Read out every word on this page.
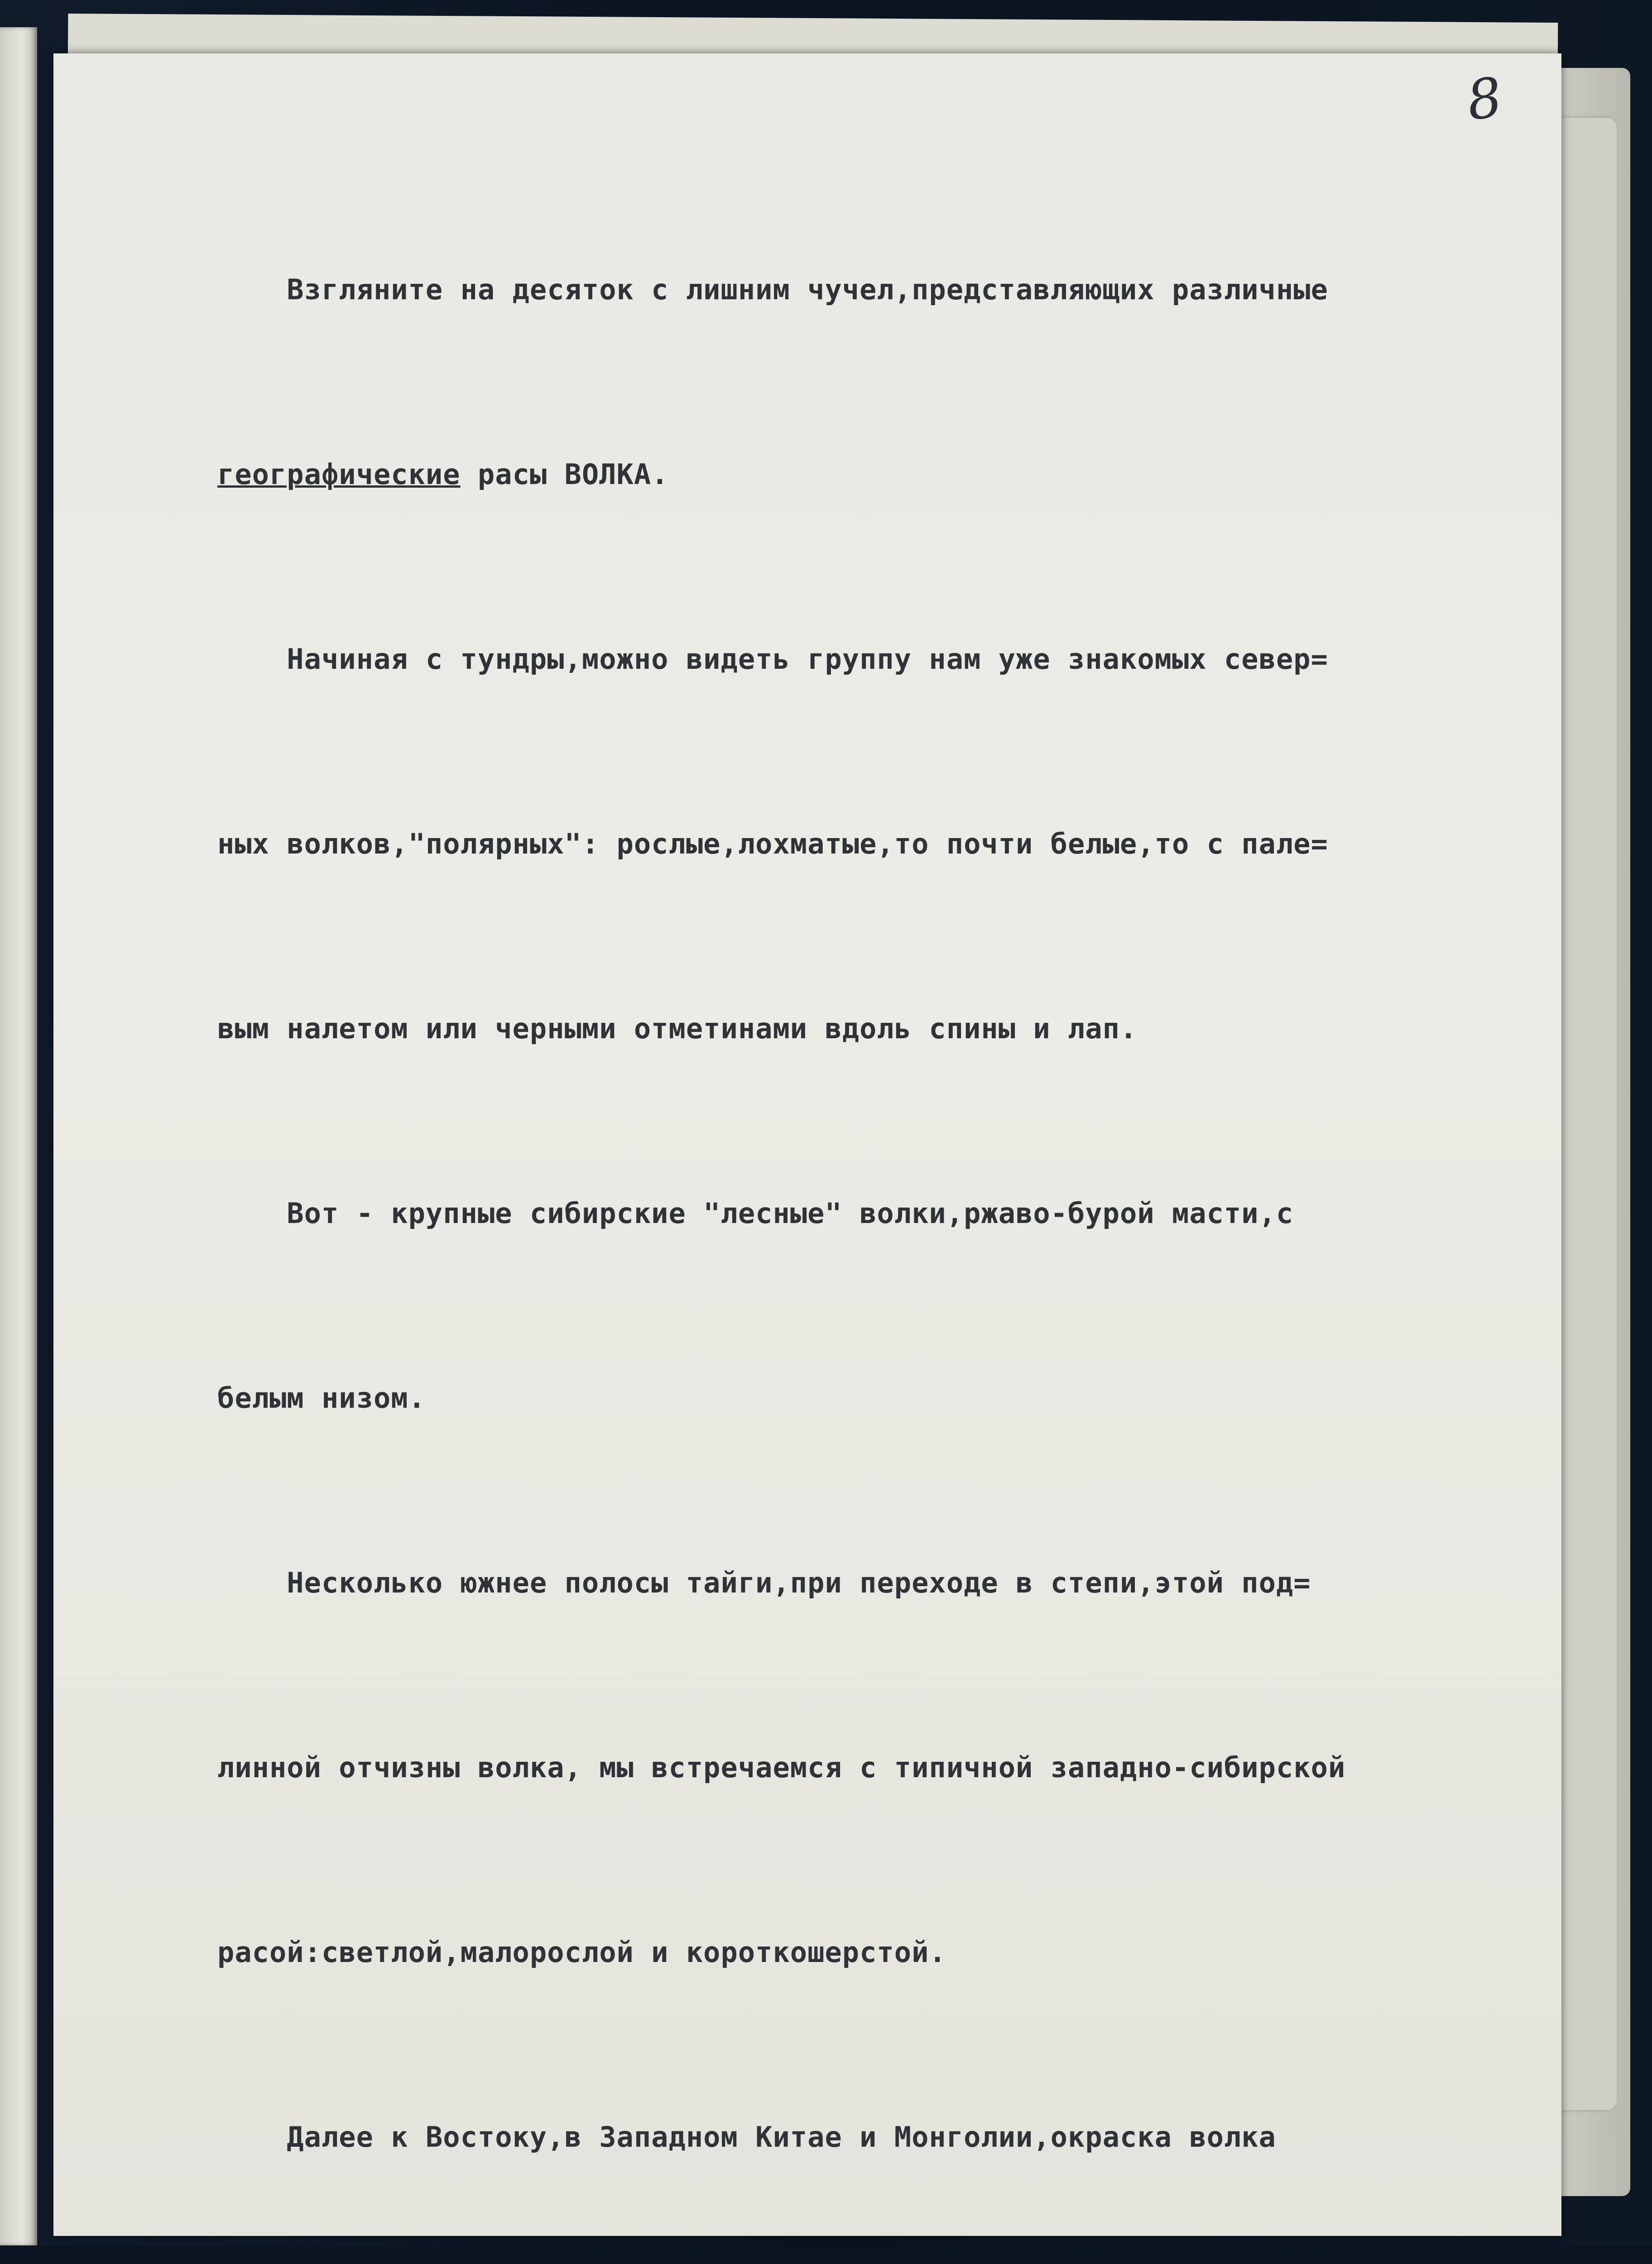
8

Взгляните на десяток с лишним чучел,представляющих различные

географические расы ВОЛКА.

Начиная с тундры,можно видеть группу нам уже знакомых север=

ных волков,"полярных": рослые,лохматые,то почти белые,то с пале=

вым налетом или черными отметинами вдоль спины и лап.

Вот - крупные сибирские "лесные" волки,ржаво-бурой масти,с

белым низом.

Несколько южнее полосы тайги,при переходе в степи,этой под=

линной отчизны волка, мы встречаемся с типичной западно-сибирской

расой:светлой,малорослой и короткошерстой.

Далее к Востоку,в Западном Китае и Монголии,окраска волка
